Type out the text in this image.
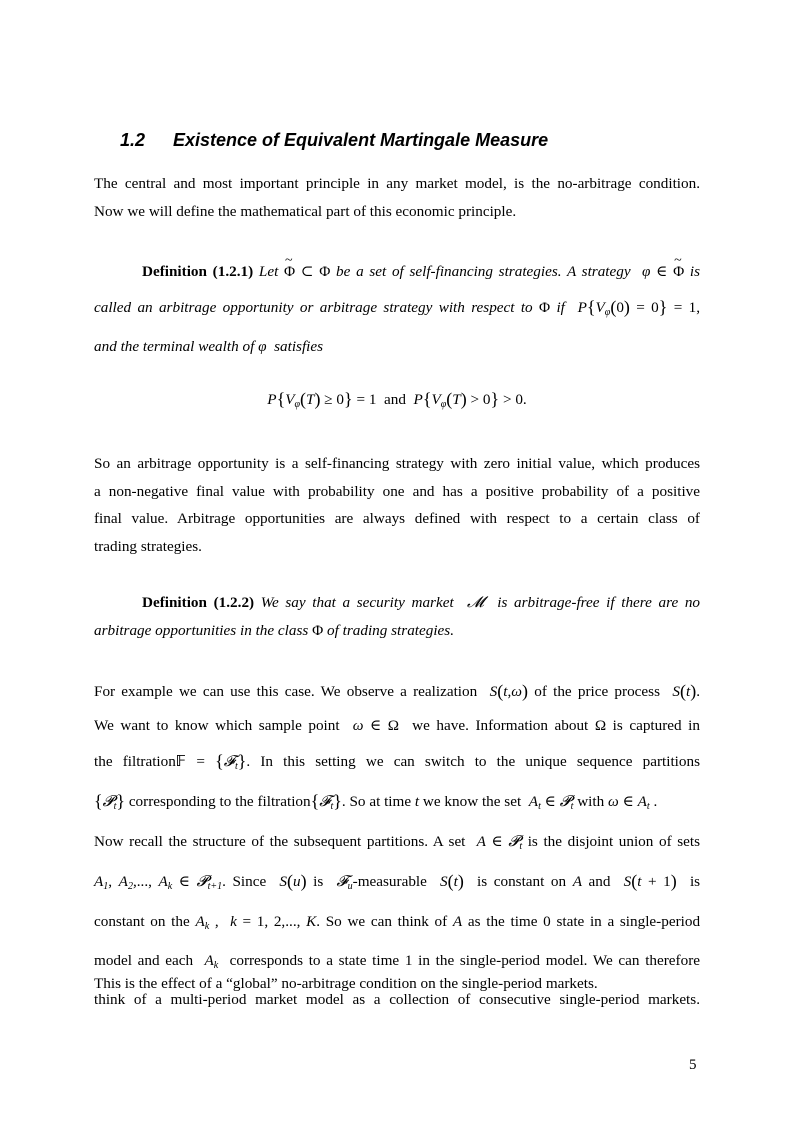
1.2 Existence of Equivalent Martingale Measure
The central and most important principle in any market model, is the no-arbitrage condition.
Now we will define the mathematical part of this economic principle.
Definition (1.2.1) Let ~ Φ ⊂ Φ be a set of self-financing strategies. A strategy φ ∈ ~ Φ is
called an arbitrage opportunity or arbitrage strategy with respect to Φ if $P\{V_\varphi(0) = 0\} = 1$,
and the terminal wealth of φ satisfies
$P\{V_\varphi(T) \ge 0\} = 1$  and $P\{V_\varphi(T) > 0\} > 0$.
So an arbitrage opportunity is a self-financing strategy with zero initial value, which produces
a non-negative final value with probability one and has a positive probability of a positive
final value. Arbitrage opportunities are always defined with respect to a certain class of
trading strategies.
Definition (1.2.2) We say that a security market 𝓜 is arbitrage-free if there are no
arbitrage opportunities in the class Φ of trading strategies.
For example we can use this case. We observe a realization S(t,ω) of the price process S(t).
We want to know which sample point ω ∈ Ω  we have. Information about Ω is captured in
the filtration𝔽 = {𝓕$_t$}. In this setting we can switch to the unique sequence partitions
{𝓟$_t$} corresponding to the filtration{𝓕$_t$}. So at time t we know the set $A_t$ ∈ 𝓟$_t$ with ω ∈ $A_t$ .
Now recall the structure of the subsequent partitions. A set A ∈ 𝓟$_t$ is the disjoint union of sets
$A_1$, $A_2$,..., $A_k$ ∈ 𝓟$_{t+1}$. Since S(u) is 𝓕$_u$-measurable S(t) is constant on A and S(t + 1) is
constant on the $A_k$ ,  k = 1, 2,..., K. So we can think of A as the time 0 state in a single-period
model and each $A_k$ corresponds to a state time 1 in the single-period model. We can therefore
think of a multi-period market model as a collection of consecutive single-period markets.
This is the effect of a “global” no-arbitrage condition on the single-period markets.
5
